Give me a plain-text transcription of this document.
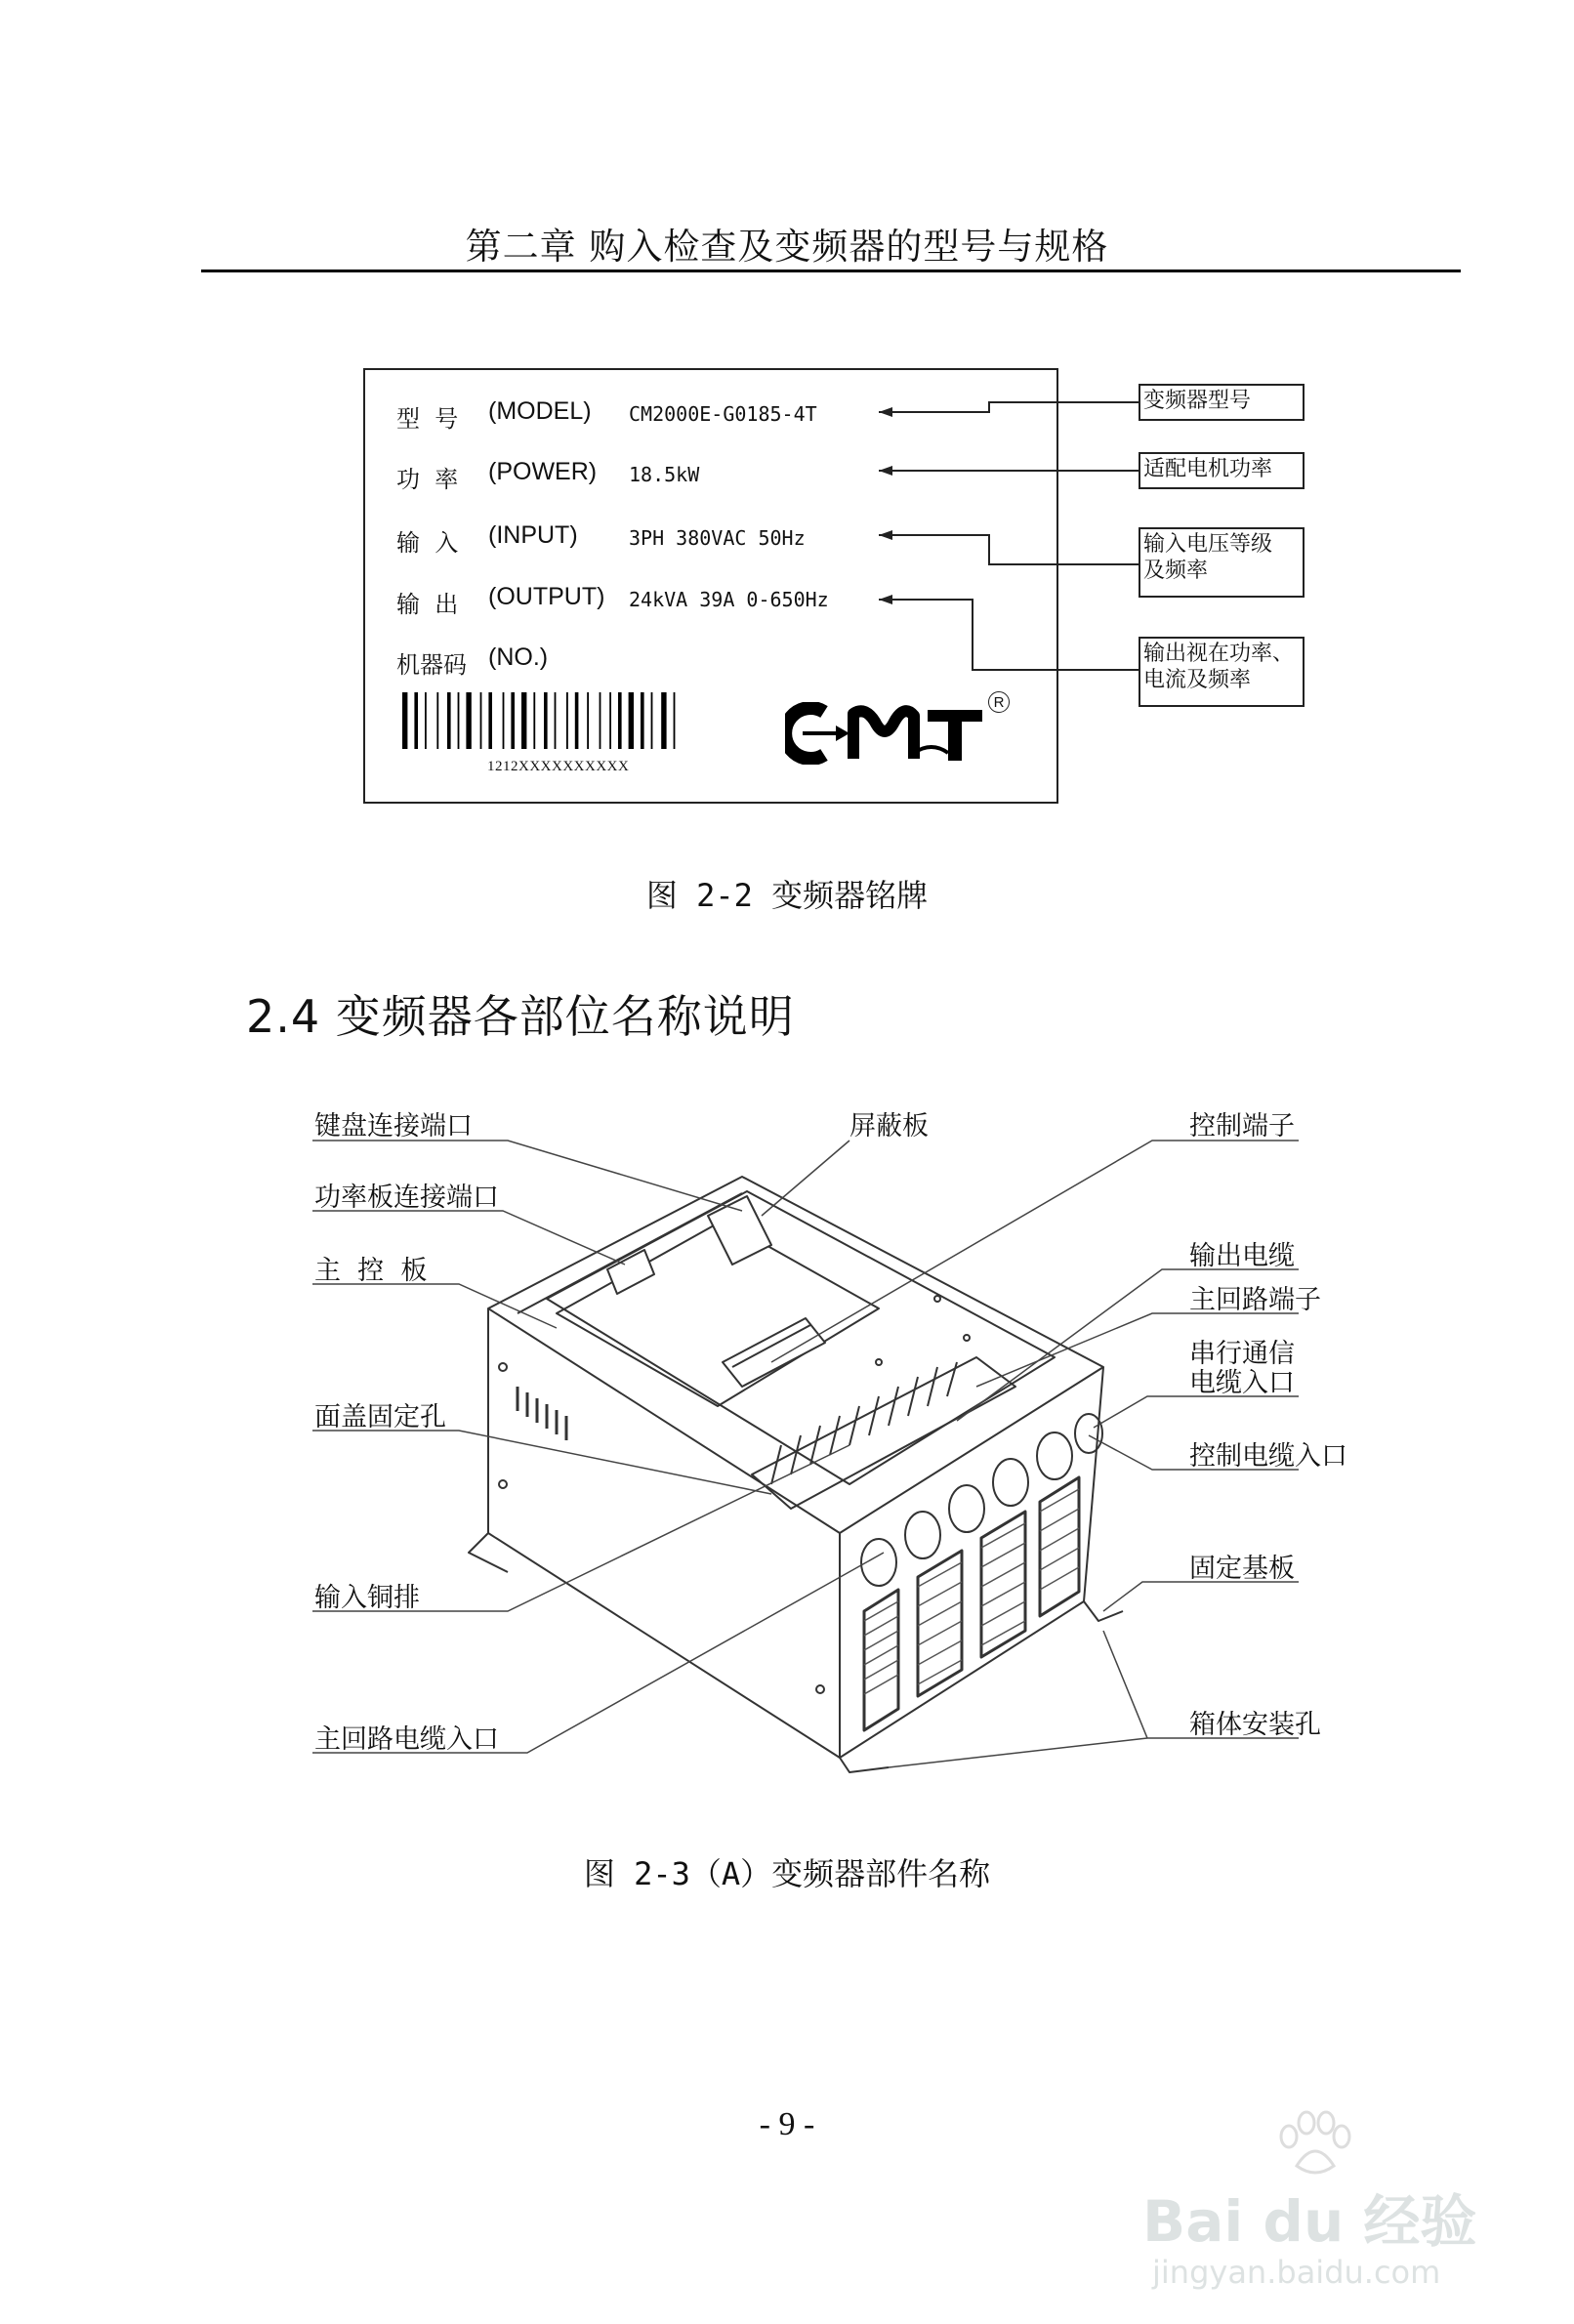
第二章 购入检查及变频器的型号与规格
型  号 (MODEL) CM2000E-G0185-4T
功  率 (POWER) 18.5kW
输  入 (INPUT)	3PH 380VAC 50Hz
输  出 (OUTPUT) 24kVA 39A 0-650Hz
机器码 (NO.)
1212XXXXXXXXXX
R
变频器型号
适配电机功率
输入电压等级
及频率
输出视在功率、
电流及频率
图 2-2 变频器铭牌
2.4 变频器各部位名称说明
键盘连接端口
功率板连接端口
主  控  板
面盖固定孔
输入铜排
主回路电缆入口
屏蔽板	控制端子
输出电缆
主回路端子
串行通信
电缆入口
控制电缆入口
固定基板
箱体安装孔
图 2-3（A）变频器部件名称
- 9 -
Bai du 经验
jingyan.baidu.com
